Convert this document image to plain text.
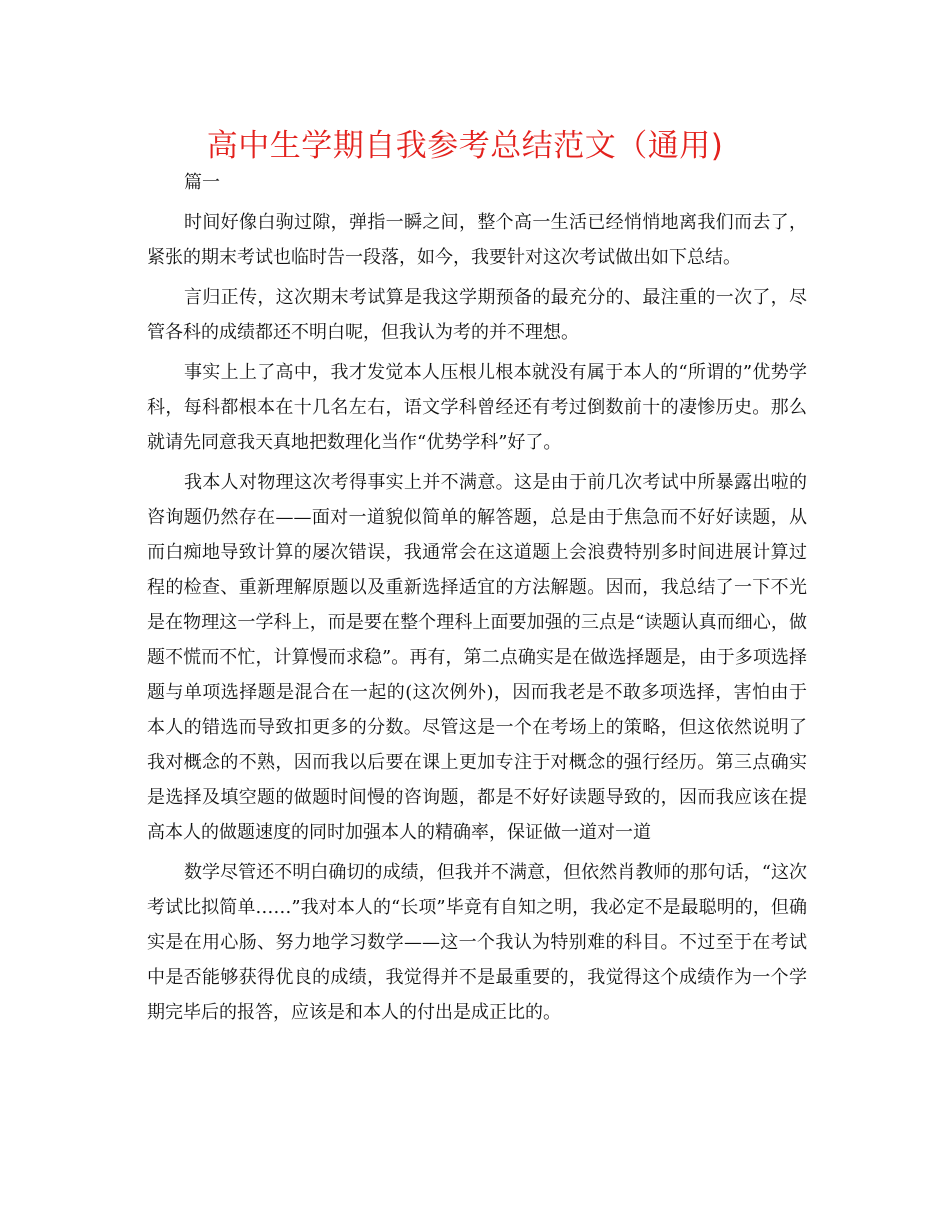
高中生学期自我参考总结范文（通用)

篇一

时间好像白驹过隙，弹指一瞬之间，整个高一生活已经悄悄地离我们而去了，紧张的期末考试也临时告一段落，如今，我要针对这次考试做出如下总结。

言归正传，这次期末考试算是我这学期预备的最充分的、最注重的一次了，尽管各科的成绩都还不明白呢，但我认为考的并不理想。

事实上上了高中，我才发觉本人压根儿根本就没有属于本人的“所谓的”优势学科，每科都根本在十几名左右，语文学科曾经还有考过倒数前十的凄惨历史。那么就请先同意我天真地把数理化当作“优势学科”好了。

我本人对物理这次考得事实上并不满意。这是由于前几次考试中所暴露出啦的咨询题仍然存在——面对一道貌似简单的解答题，总是由于焦急而不好好读题，从而白痴地导致计算的屡次错误，我通常会在这道题上会浪费特别多时间进展计算过程的检查、重新理解原题以及重新选择适宜的方法解题。因而，我总结了一下不光是在物理这一学科上，而是要在整个理科上面要加强的三点是“读题认真而细心，做题不慌而不忙，计算慢而求稳”。再有，第二点确实是在做选择题是，由于多项选择题与单项选择题是混合在一起的(这次例外)，因而我老是不敢多项选择，害怕由于本人的错选而导致扣更多的分数。尽管这是一个在考场上的策略，但这依然说明了我对概念的不熟，因而我以后要在课上更加专注于对概念的强行经历。第三点确实是选择及填空题的做题时间慢的咨询题，都是不好好读题导致的，因而我应该在提高本人的做题速度的同时加强本人的精确率，保证做一道对一道

数学尽管还不明白确切的成绩，但我并不满意，但依然肖教师的那句话，“这次考试比拟简单……”我对本人的“长项”毕竟有自知之明，我必定不是最聪明的，但确实是在用心肠、努力地学习数学——这一个我认为特别难的科目。不过至于在考试中是否能够获得优良的成绩，我觉得并不是最重要的，我觉得这个成绩作为一个学期完毕后的报答，应该是和本人的付出是成正比的。
